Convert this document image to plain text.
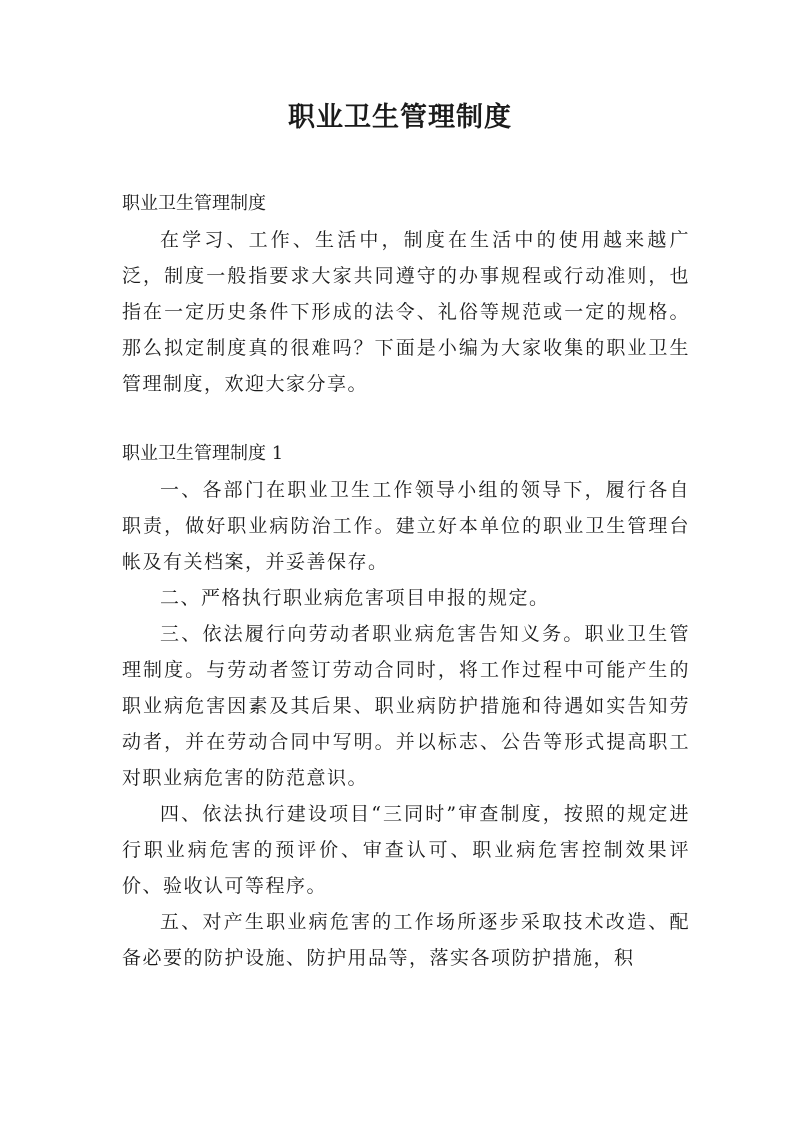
职业卫生管理制度

职业卫生管理制度

在学习、工作、生活中，制度在生活中的使用越来越广泛，制度一般指要求大家共同遵守的办事规程或行动准则，也指在一定历史条件下形成的法令、礼俗等规范或一定的规格。那么拟定制度真的很难吗？下面是小编为大家收集的职业卫生管理制度，欢迎大家分享。

职业卫生管理制度 1

一、各部门在职业卫生工作领导小组的领导下，履行各自职责，做好职业病防治工作。建立好本单位的职业卫生管理台帐及有关档案，并妥善保存。

二、严格执行职业病危害项目申报的规定。

三、依法履行向劳动者职业病危害告知义务。职业卫生管理制度。与劳动者签订劳动合同时，将工作过程中可能产生的职业病危害因素及其后果、职业病防护措施和待遇如实告知劳动者，并在劳动合同中写明。并以标志、公告等形式提高职工对职业病危害的防范意识。

四、依法执行建设项目“三同时”审查制度，按照的规定进行职业病危害的预评价、审查认可、职业病危害控制效果评价、验收认可等程序。

五、对产生职业病危害的工作场所逐步采取技术改造、配备必要的防护设施、防护用品等，落实各项防护措施，积
